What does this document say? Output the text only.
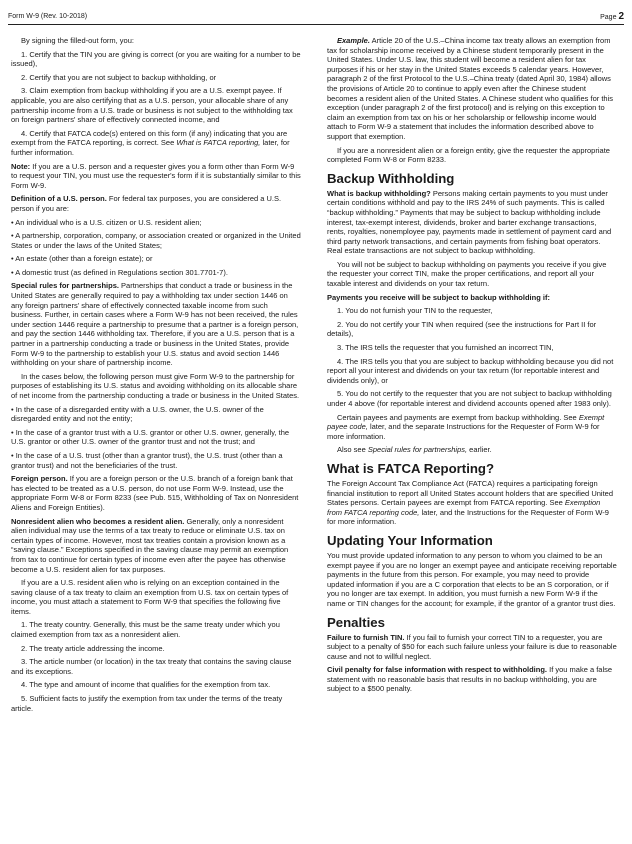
Form W-9 (Rev. 10-2018)	Page 2

By signing the filled-out form, you:

1. Certify that the TIN you are giving is correct (or you are waiting for a number to be issued),

2. Certify that you are not subject to backup withholding, or

3. Claim exemption from backup withholding if you are a U.S. exempt payee. If applicable, you are also certifying that as a U.S. person, your allocable share of any partnership income from a U.S. trade or business is not subject to the withholding tax on foreign partners' share of effectively connected income, and

4. Certify that FATCA code(s) entered on this form (if any) indicating that you are exempt from the FATCA reporting, is correct. See What is FATCA reporting, later, for further information.

Note: If you are a U.S. person and a requester gives you a form other than Form W-9 to request your TIN, you must use the requester's form if it is substantially similar to this Form W-9.

Definition of a U.S. person. For federal tax purposes, you are considered a U.S. person if you are:

• An individual who is a U.S. citizen or U.S. resident alien;

• A partnership, corporation, company, or association created or organized in the United States or under the laws of the United States;

• An estate (other than a foreign estate); or

• A domestic trust (as defined in Regulations section 301.7701-7).

Special rules for partnerships. Partnerships that conduct a trade or business in the United States are generally required to pay a withholding tax under section 1446 on any foreign partners' share of effectively connected taxable income from such business. Further, in certain cases where a Form W-9 has not been received, the rules under section 1446 require a partnership to presume that a partner is a foreign person, and pay the section 1446 withholding tax. Therefore, if you are a U.S. person that is a partner in a partnership conducting a trade or business in the United States, provide Form W-9 to the partnership to establish your U.S. status and avoid section 1446 withholding on your share of partnership income.

In the cases below, the following person must give Form W-9 to the partnership for purposes of establishing its U.S. status and avoiding withholding on its allocable share of net income from the partnership conducting a trade or business in the United States.

• In the case of a disregarded entity with a U.S. owner, the U.S. owner of the disregarded entity and not the entity;

• In the case of a grantor trust with a U.S. grantor or other U.S. owner, generally, the U.S. grantor or other U.S. owner of the grantor trust and not the trust; and

• In the case of a U.S. trust (other than a grantor trust), the U.S. trust (other than a grantor trust) and not the beneficiaries of the trust.

Foreign person. If you are a foreign person or the U.S. branch of a foreign bank that has elected to be treated as a U.S. person, do not use Form W-9. Instead, use the appropriate Form W-8 or Form 8233 (see Pub. 515, Withholding of Tax on Nonresident Aliens and Foreign Entities).

Nonresident alien who becomes a resident alien. Generally, only a nonresident alien individual may use the terms of a tax treaty to reduce or eliminate U.S. tax on certain types of income. However, most tax treaties contain a provision known as a “saving clause.” Exceptions specified in the saving clause may permit an exemption from tax to continue for certain types of income even after the payee has otherwise become a U.S. resident alien for tax purposes.

If you are a U.S. resident alien who is relying on an exception contained in the saving clause of a tax treaty to claim an exemption from U.S. tax on certain types of income, you must attach a statement to Form W-9 that specifies the following five items.

1. The treaty country. Generally, this must be the same treaty under which you claimed exemption from tax as a nonresident alien.

2. The treaty article addressing the income.

3. The article number (or location) in the tax treaty that contains the saving clause and its exceptions.

4. The type and amount of income that qualifies for the exemption from tax.

5. Sufficient facts to justify the exemption from tax under the terms of the treaty article.

Example. Article 20 of the U.S.–China income tax treaty allows an exemption from tax for scholarship income received by a Chinese student temporarily present in the United States. Under U.S. law, this student will become a resident alien for tax purposes if his or her stay in the United States exceeds 5 calendar years. However, paragraph 2 of the first Protocol to the U.S.–China treaty (dated April 30, 1984) allows the provisions of Article 20 to continue to apply even after the Chinese student becomes a resident alien of the United States. A Chinese student who qualifies for this exception (under paragraph 2 of the first protocol) and is relying on this exception to claim an exemption from tax on his or her scholarship or fellowship income would attach to Form W-9 a statement that includes the information described above to support that exemption.

If you are a nonresident alien or a foreign entity, give the requester the appropriate completed Form W-8 or Form 8233.

Backup Withholding

What is backup withholding? Persons making certain payments to you must under certain conditions withhold and pay to the IRS 24% of such payments. This is called “backup withholding.” Payments that may be subject to backup withholding include interest, tax-exempt interest, dividends, broker and barter exchange transactions, rents, royalties, nonemployee pay, payments made in settlement of payment card and third party network transactions, and certain payments from fishing boat operators. Real estate transactions are not subject to backup withholding.

You will not be subject to backup withholding on payments you receive if you give the requester your correct TIN, make the proper certifications, and report all your taxable interest and dividends on your tax return.

Payments you receive will be subject to backup withholding if:

1. You do not furnish your TIN to the requester,

2. You do not certify your TIN when required (see the instructions for Part II for details),

3. The IRS tells the requester that you furnished an incorrect TIN,

4. The IRS tells you that you are subject to backup withholding because you did not report all your interest and dividends on your tax return (for reportable interest and dividends only), or

5. You do not certify to the requester that you are not subject to backup withholding under 4 above (for reportable interest and dividend accounts opened after 1983 only).

Certain payees and payments are exempt from backup withholding. See Exempt payee code, later, and the separate Instructions for the Requester of Form W-9 for more information.

Also see Special rules for partnerships, earlier.

What is FATCA Reporting?

The Foreign Account Tax Compliance Act (FATCA) requires a participating foreign financial institution to report all United States account holders that are specified United States persons. Certain payees are exempt from FATCA reporting. See Exemption from FATCA reporting code, later, and the Instructions for the Requester of Form W-9 for more information.

Updating Your Information

You must provide updated information to any person to whom you claimed to be an exempt payee if you are no longer an exempt payee and anticipate receiving reportable payments in the future from this person. For example, you may need to provide updated information if you are a C corporation that elects to be an S corporation, or if you no longer are tax exempt. In addition, you must furnish a new Form W-9 if the name or TIN changes for the account; for example, if the grantor of a grantor trust dies.

Penalties

Failure to furnish TIN. If you fail to furnish your correct TIN to a requester, you are subject to a penalty of $50 for each such failure unless your failure is due to reasonable cause and not to willful neglect.

Civil penalty for false information with respect to withholding. If you make a false statement with no reasonable basis that results in no backup withholding, you are subject to a $500 penalty.
